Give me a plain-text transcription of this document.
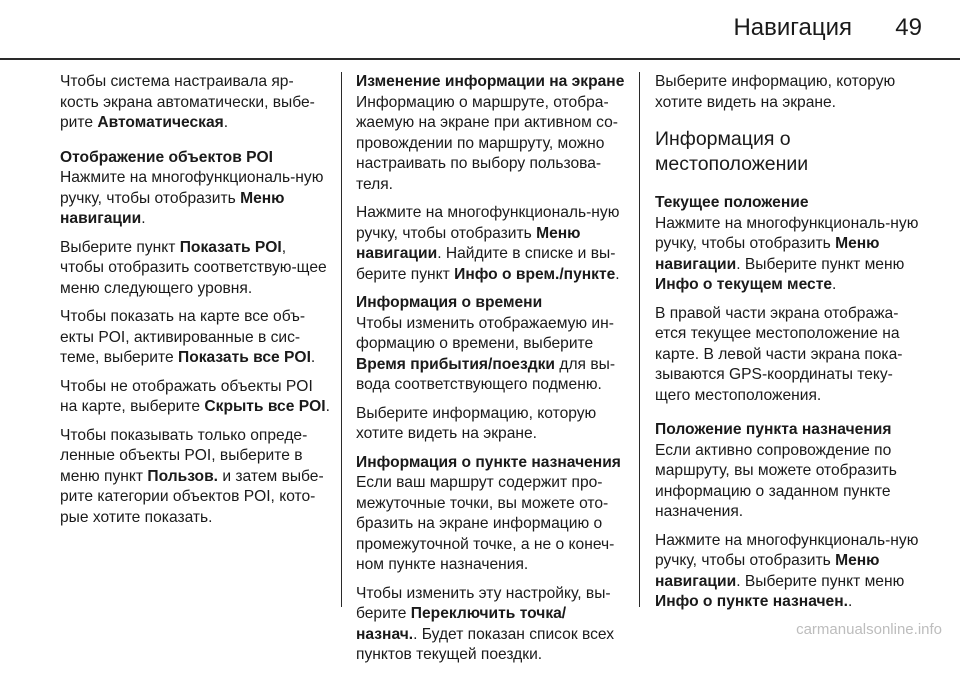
Навигация 49

Чтобы система настраивала яр-кость экрана автоматически, выбе-рите Автоматическая.

Отображение объектов POI

Нажмите на многофункциональ-ную ручку, чтобы отобразить Меню навигации.

Выберите пункт Показать POI, чтобы отобразить соответствую-щее меню следующего уровня.

Чтобы показать на карте все объ-екты POI, активированные в сис-теме, выберите Показать все POI.

Чтобы не отображать объекты POI на карте, выберите Скрыть все POI.

Чтобы показывать только опреде-ленные объекты POI, выберите в меню пункт Пользов. и затем выбе-рите категории объектов POI, кото-рые хотите показать.

Изменение информации на экране

Информацию о маршруте, отобра-жаемую на экране при активном со-провождении по маршруту, можно настраивать по выбору пользова-теля.

Нажмите на многофункциональ-ную ручку, чтобы отобразить Меню навигации. Найдите в списке и вы-берите пункт Инфо о врем./пункте.

Информация о времени

Чтобы изменить отображаемую ин-формацию о времени, выберите Время прибытия/поездки для вы-вода соответствующего подменю.

Выберите информацию, которую хотите видеть на экране.

Информация о пункте назначения

Если ваш маршрут содержит про-межуточные точки, вы можете ото-бразить на экране информацию о промежуточной точке, а не о конеч-ном пункте назначения.

Чтобы изменить эту настройку, вы-берите Переключить точка/ назнач.. Будет показан список всех пунктов текущей поездки.

Выберите информацию, которую хотите видеть на экране.

Информация о местоположении
Текущее положение

Нажмите на многофункциональ-ную ручку, чтобы отобразить Меню навигации. Выберите пункт меню Инфо о текущем месте.

В правой части экрана отобража-ется текущее местоположение на карте. В левой части экрана пока-зываются GPS-координаты теку-щего местоположения.

Положение пункта назначения

Если активно сопровождение по маршруту, вы можете отобразить информацию о заданном пункте назначения.

Нажмите на многофункциональ-ную ручку, чтобы отобразить Меню навигации. Выберите пункт меню Инфо о пункте назначен..

carmanualsonline.info
